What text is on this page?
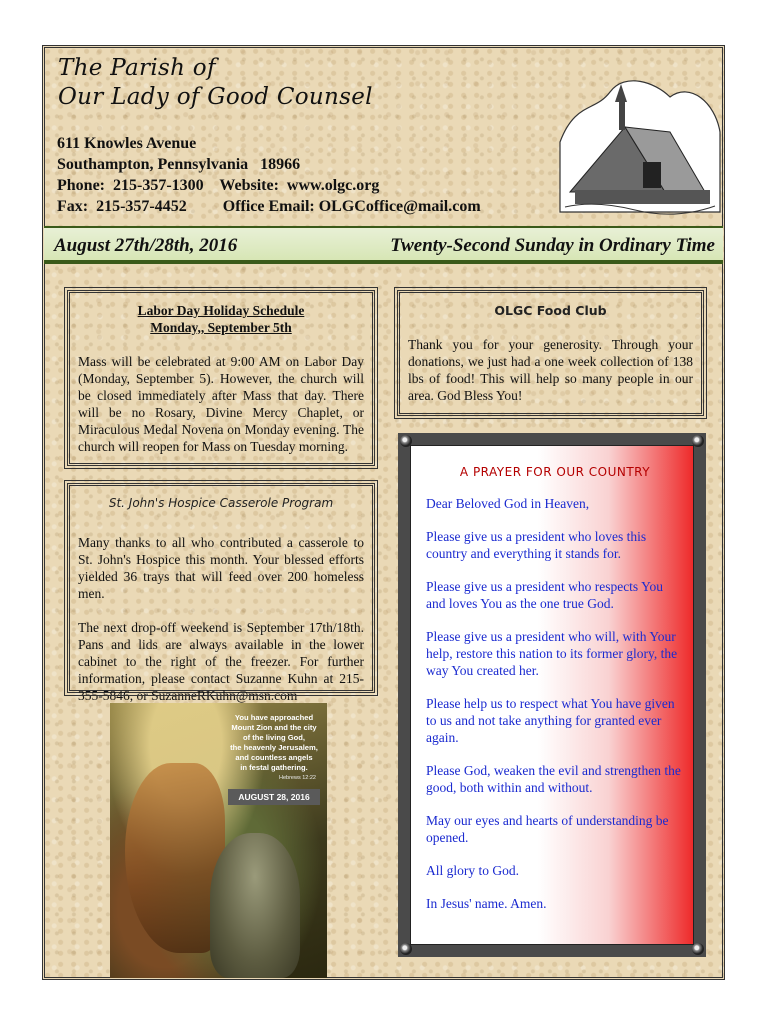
The Parish of
Our Lady of Good Counsel
611 Knowles Avenue
Southampton, Pennsylvania   18966
Phone:  215-357-1300    Website:  www.olgc.org
Fax:  215-357-4452         Office Email: OLGCoffice@mail.com
August 27th/28th, 2016	Twenty-Second Sunday in Ordinary Time

Labor Day Holiday Schedule

Monday,, September 5th

Mass will be celebrated at 9:00 AM on Labor Day (Monday, September 5). However, the church will be closed immediately after Mass that day. There will be no Rosary, Divine Mercy Chaplet, or Miraculous Medal Novena on Monday evening. The church will reopen for Mass on Tuesday morning.

St. John's Hospice Casserole Program

Many thanks to all who contributed a casserole to St. John's Hospice this month. Your blessed efforts yielded 36 trays that will feed over 200 homeless men.

The next drop-off weekend is September 17th/18th. Pans and lids are always available in the lower cabinet to the right of the freezer. For further information, please contact Suzanne Kuhn at 215-355-5846, or SuzanneRKuhn@msn.com

OLGC Food Club

Thank you for your generosity. Through your donations, we just had a one week collection of 138 lbs of food! This will help so many people in our area. God Bless You!

A PRAYER FOR OUR COUNTRY

Dear Beloved God in Heaven,

Please give us a president who loves this country and everything it stands for.

Please give us a president who respects You and loves You as the one true God.

Please give us a president who will, with Your help, restore this nation to its former glory, the way You created her.

Please help us to respect what You have given to us and not take anything for granted ever again.

Please God, weaken the evil and strengthen the good, both within and without.

May our eyes and hearts of understanding be opened.

All glory to God.

In Jesus' name. Amen.

You have approached
Mount Zion and the city
of the living God,
the heavenly Jerusalem,
and countless angels
in festal gathering.
Hebrews 12:22
AUGUST 28, 2016
